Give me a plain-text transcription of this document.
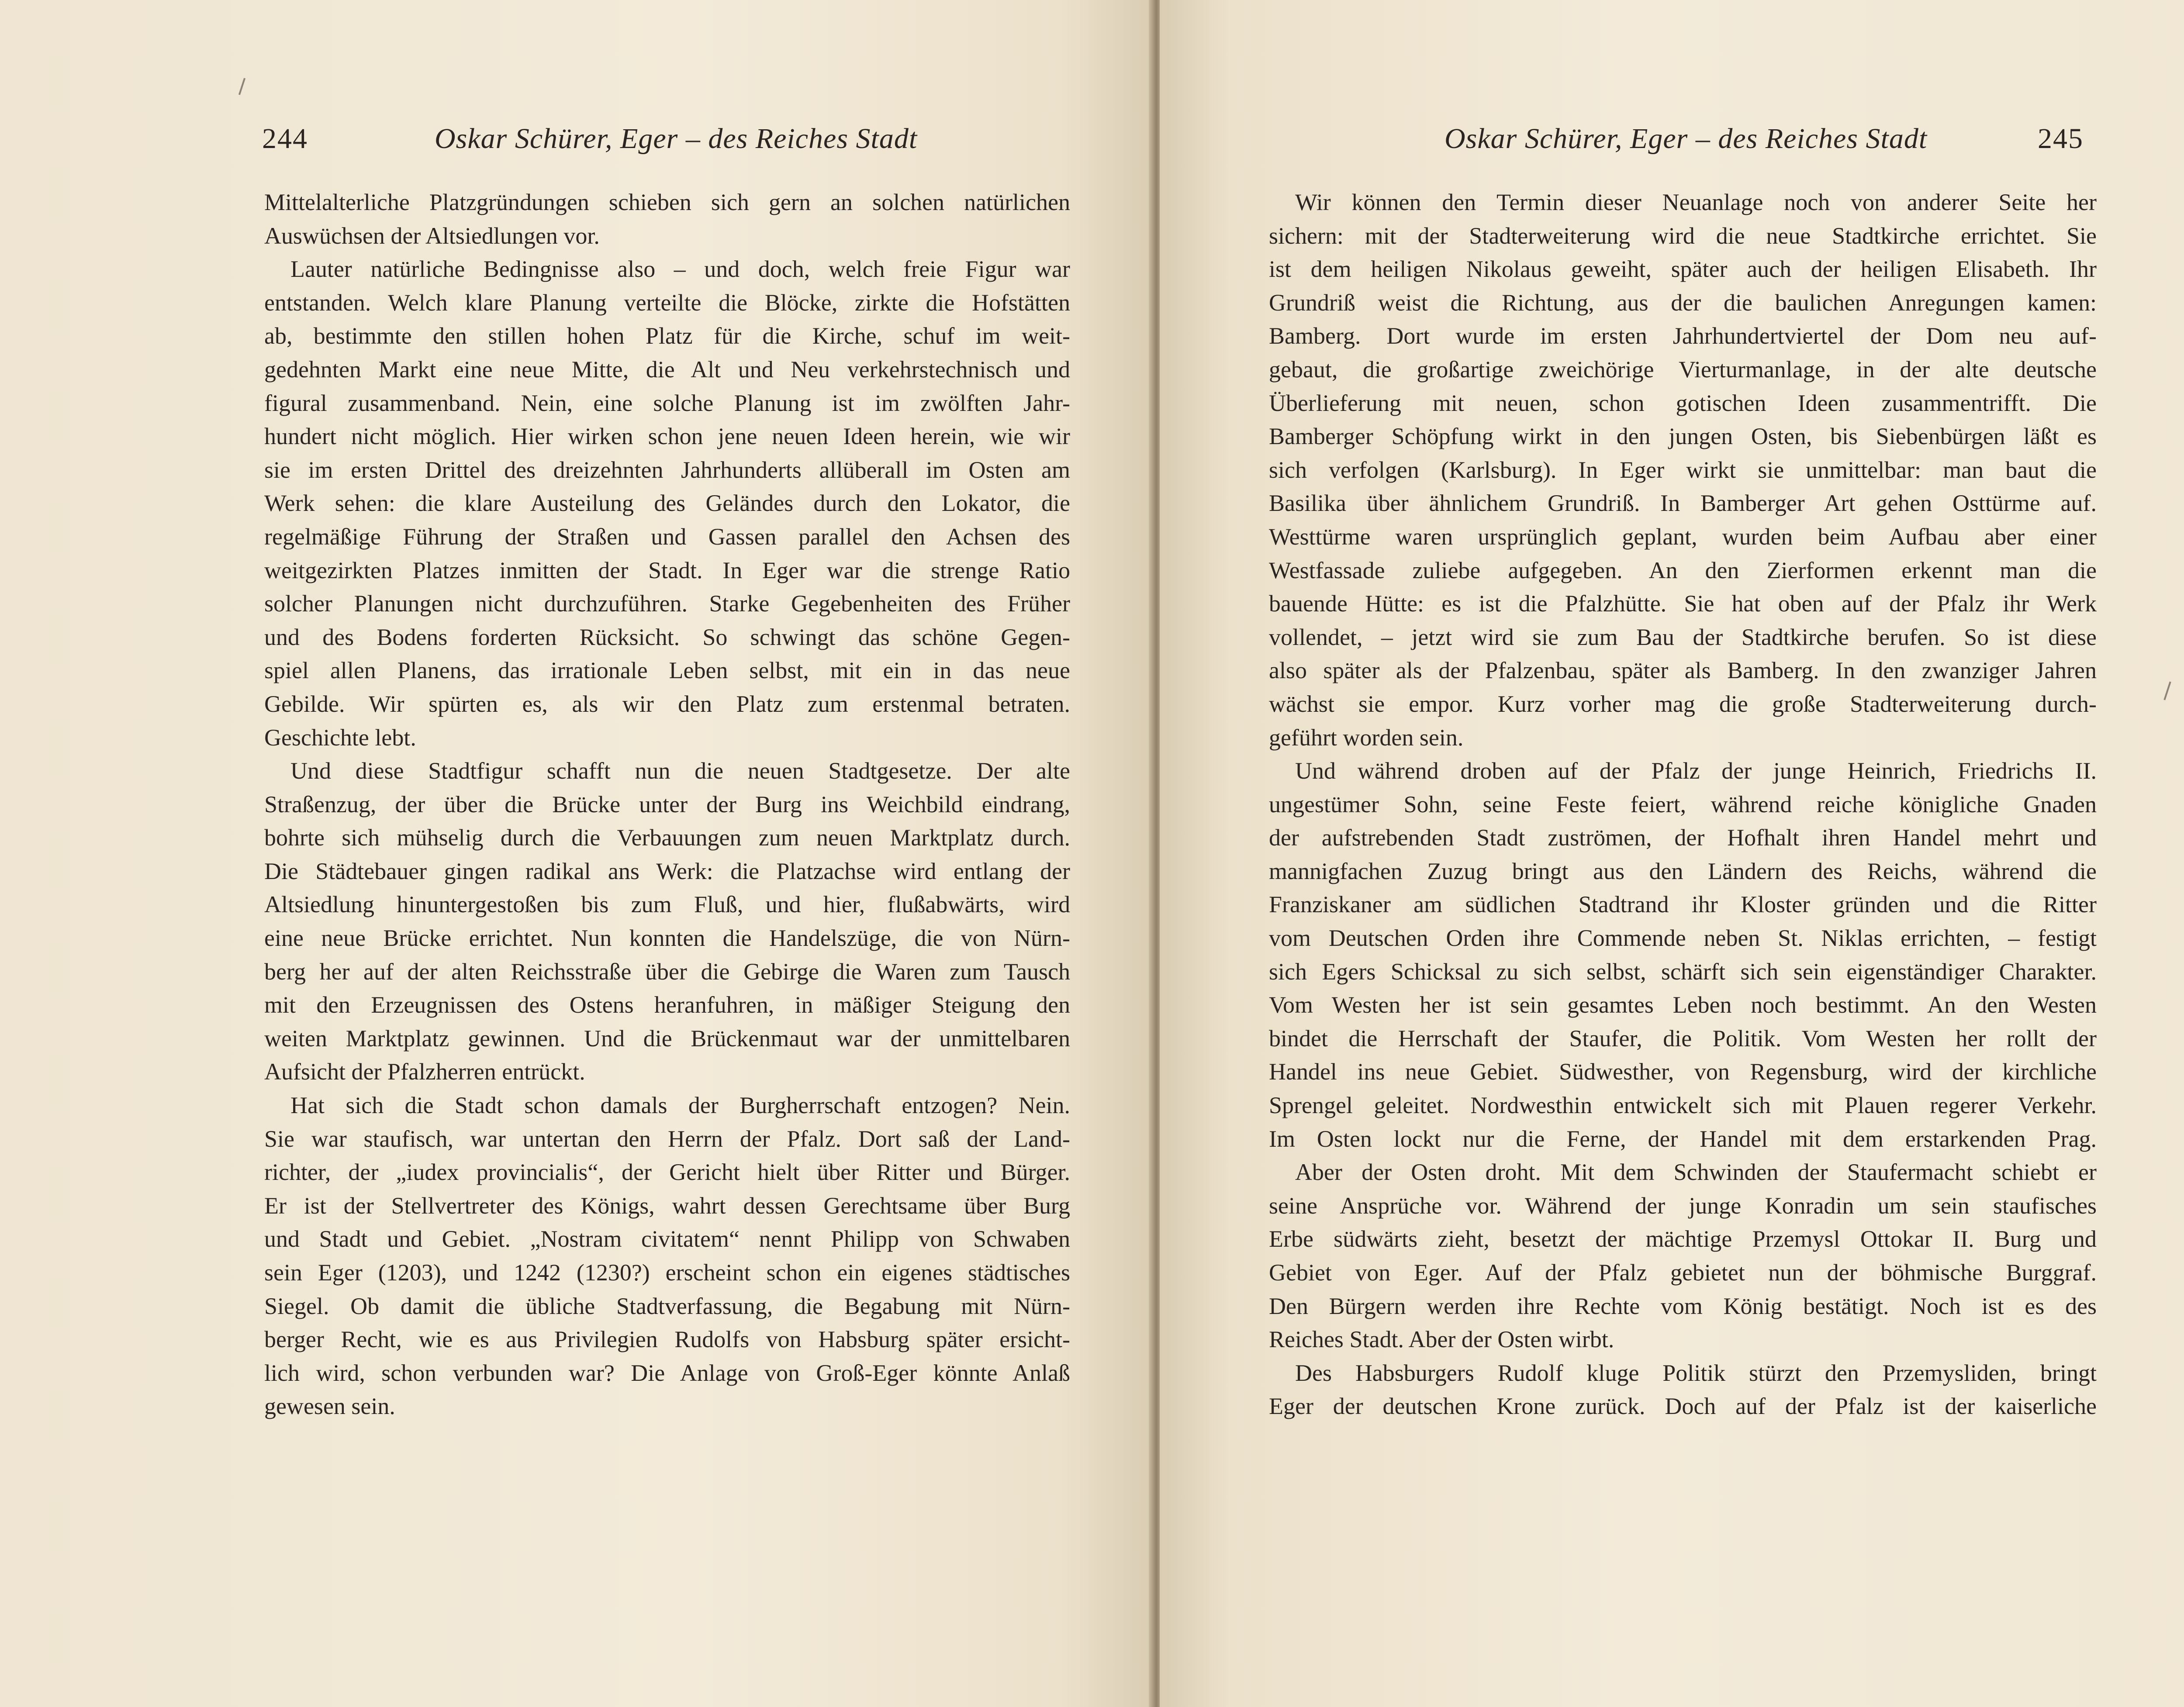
244	Oskar Schürer, Eger – des Reiches Stadt
Mittelalterliche Platzgründungen schieben sich gern an solchen natürlichen
Auswüchsen der Altsiedlungen vor.
Lauter natürliche Bedingnisse also – und doch, welch freie Figur war
entstanden. Welch klare Planung verteilte die Blöcke, zirkte die Hofstätten
ab, bestimmte den stillen hohen Platz für die Kirche, schuf im weit-
gedehnten Markt eine neue Mitte, die Alt und Neu verkehrstechnisch und
figural zusammenband. Nein, eine solche Planung ist im zwölften Jahr-
hundert nicht möglich. Hier wirken schon jene neuen Ideen herein, wie wir
sie im ersten Drittel des dreizehnten Jahrhunderts allüberall im Osten am
Werk sehen: die klare Austeilung des Geländes durch den Lokator, die
regelmäßige Führung der Straßen und Gassen parallel den Achsen des
weitgezirkten Platzes inmitten der Stadt. In Eger war die strenge Ratio
solcher Planungen nicht durchzuführen. Starke Gegebenheiten des Früher
und des Bodens forderten Rücksicht. So schwingt das schöne Gegen-
spiel allen Planens, das irrationale Leben selbst, mit ein in das neue
Gebilde. Wir spürten es, als wir den Platz zum erstenmal betraten.
Geschichte lebt.
Und diese Stadtfigur schafft nun die neuen Stadtgesetze. Der alte
Straßenzug, der über die Brücke unter der Burg ins Weichbild eindrang,
bohrte sich mühselig durch die Verbauungen zum neuen Marktplatz durch.
Die Städtebauer gingen radikal ans Werk: die Platzachse wird entlang der
Altsiedlung hinuntergestoßen bis zum Fluß, und hier, flußabwärts, wird
eine neue Brücke errichtet. Nun konnten die Handelszüge, die von Nürn-
berg her auf der alten Reichsstraße über die Gebirge die Waren zum Tausch
mit den Erzeugnissen des Ostens heranfuhren, in mäßiger Steigung den
weiten Marktplatz gewinnen. Und die Brückenmaut war der unmittelbaren
Aufsicht der Pfalzherren entrückt.
Hat sich die Stadt schon damals der Burgherrschaft entzogen? Nein.
Sie war staufisch, war untertan den Herrn der Pfalz. Dort saß der Land-
richter, der „iudex provincialis“, der Gericht hielt über Ritter und Bürger.
Er ist der Stellvertreter des Königs, wahrt dessen Gerechtsame über Burg
und Stadt und Gebiet. „Nostram civitatem“ nennt Philipp von Schwaben
sein Eger (1203), und 1242 (1230?) erscheint schon ein eigenes städtisches
Siegel. Ob damit die übliche Stadtverfassung, die Begabung mit Nürn-
berger Recht, wie es aus Privilegien Rudolfs von Habsburg später ersicht-
lich wird, schon verbunden war? Die Anlage von Groß-Eger könnte Anlaß
gewesen sein.
Oskar Schürer, Eger – des Reiches Stadt	245
Wir können den Termin dieser Neuanlage noch von anderer Seite her
sichern: mit der Stadterweiterung wird die neue Stadtkirche errichtet. Sie
ist dem heiligen Nikolaus geweiht, später auch der heiligen Elisabeth. Ihr
Grundriß weist die Richtung, aus der die baulichen Anregungen kamen:
Bamberg. Dort wurde im ersten Jahrhundertviertel der Dom neu auf-
gebaut, die großartige zweichörige Vierturmanlage, in der alte deutsche
Überlieferung mit neuen, schon gotischen Ideen zusammentrifft. Die
Bamberger Schöpfung wirkt in den jungen Osten, bis Siebenbürgen läßt es
sich verfolgen (Karlsburg). In Eger wirkt sie unmittelbar: man baut die
Basilika über ähnlichem Grundriß. In Bamberger Art gehen Osttürme auf.
Westtürme waren ursprünglich geplant, wurden beim Aufbau aber einer
Westfassade zuliebe aufgegeben. An den Zierformen erkennt man die
bauende Hütte: es ist die Pfalzhütte. Sie hat oben auf der Pfalz ihr Werk
vollendet, – jetzt wird sie zum Bau der Stadtkirche berufen. So ist diese
also später als der Pfalzenbau, später als Bamberg. In den zwanziger Jahren
wächst sie empor. Kurz vorher mag die große Stadterweiterung durch-
geführt worden sein.
Und während droben auf der Pfalz der junge Heinrich, Friedrichs II.
ungestümer Sohn, seine Feste feiert, während reiche königliche Gnaden
der aufstrebenden Stadt zuströmen, der Hofhalt ihren Handel mehrt und
mannigfachen Zuzug bringt aus den Ländern des Reichs, während die
Franziskaner am südlichen Stadtrand ihr Kloster gründen und die Ritter
vom Deutschen Orden ihre Commende neben St. Niklas errichten, – festigt
sich Egers Schicksal zu sich selbst, schärft sich sein eigenständiger Charakter.
Vom Westen her ist sein gesamtes Leben noch bestimmt. An den Westen
bindet die Herrschaft der Staufer, die Politik. Vom Westen her rollt der
Handel ins neue Gebiet. Südwesther, von Regensburg, wird der kirchliche
Sprengel geleitet. Nordwesthin entwickelt sich mit Plauen regerer Verkehr.
Im Osten lockt nur die Ferne, der Handel mit dem erstarkenden Prag.
Aber der Osten droht. Mit dem Schwinden der Staufermacht schiebt er
seine Ansprüche vor. Während der junge Konradin um sein staufisches
Erbe südwärts zieht, besetzt der mächtige Przemysl Ottokar II. Burg und
Gebiet von Eger. Auf der Pfalz gebietet nun der böhmische Burggraf.
Den Bürgern werden ihre Rechte vom König bestätigt. Noch ist es des
Reiches Stadt. Aber der Osten wirbt.
Des Habsburgers Rudolf kluge Politik stürzt den Przemysliden, bringt
Eger der deutschen Krone zurück. Doch auf der Pfalz ist der kaiserliche
